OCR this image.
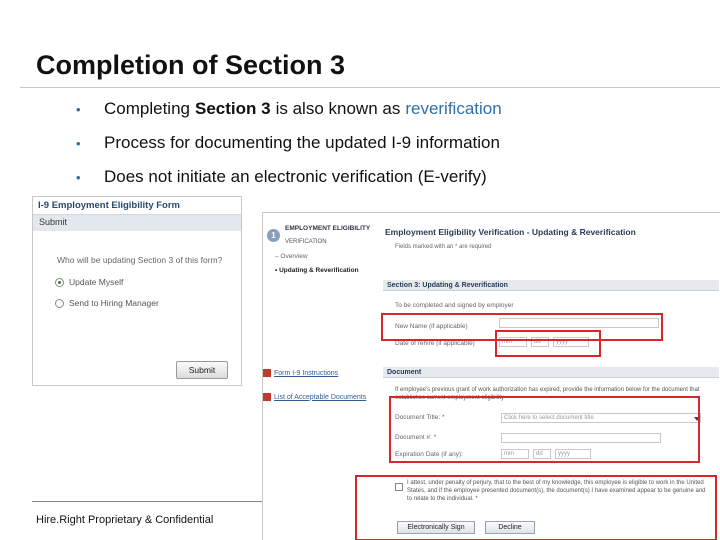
Completion of Section 3
•	Completing Section 3 is also known as reverification
•	Process for documenting the updated I-9 information
•	Does not initiate an electronic verification (E-verify)
I-9 Employment Eligibility Form
Submit
Who will be updating Section 3 of this form?
Update Myself
Send to Hiring Manager
Submit
Hire.Right Proprietary & Confidential
1
EMPLOYMENT ELIGIBILITY
VERIFICATION
– Overview
• Updating & Reverification
Form I-9 Instructions
List of Acceptable Documents
Employment Eligibility Verification - Updating & Reverification
Fields marked with an * are required
Section 3: Updating & Reverification
To be completed and signed by employer
New Name (if applicable)
Date of rehire (if applicable)	mm	dd	yyyy
Document
If employee's previous grant of work authorization has expired, provide the information below for the document that establishes current employment eligibility
Document Title: *	Click here to select document title
Document #: *
Expiration Date (if any):	mm	dd	yyyy
I attest, under penalty of perjury, that to the best of my knowledge, this employee is eligible to work in the United States, and if the employee presented document(s), the document(s) I have examined appear to be genuine and to relate to the individual. *
Electronically Sign	Decline
